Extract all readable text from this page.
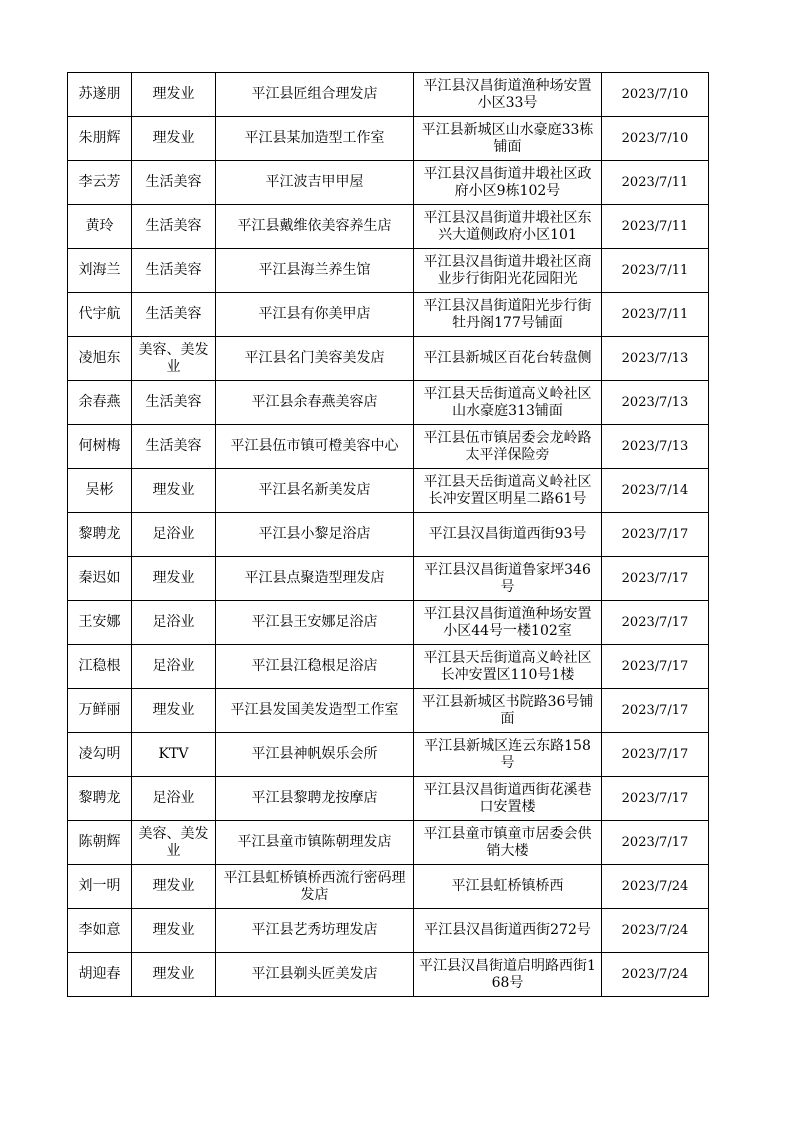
苏遂朋	理发业	平江县匠组合理发店	平江县汉昌街道渔种场安置小区33号	2023/7/10
朱朋辉	理发业	平江县某加造型工作室	平江县新城区山水豪庭33栋铺面	2023/7/10
李云芳	生活美容	平江波吉甲甲屋	平江县汉昌街道井塅社区政府小区9栋102号	2023/7/11
黄玲	生活美容	平江县戴维依美容养生店	平江县汉昌街道井塅社区东兴大道侧政府小区101	2023/7/11
刘海兰	生活美容	平江县海兰养生馆	平江县汉昌街道井塅社区商业步行街阳光花园阳光	2023/7/11
代宇航	生活美容	平江县有你美甲店	平江县汉昌街道阳光步行街牡丹阁177号铺面	2023/7/11
凌旭东	美容、美发业	平江县名门美容美发店	平江县新城区百花台转盘侧	2023/7/13
余春燕	生活美容	平江县余春燕美容店	平江县天岳街道高义岭社区山水豪庭313铺面	2023/7/13
何树梅	生活美容	平江县伍市镇可橙美容中心	平江县伍市镇居委会龙岭路太平洋保险旁	2023/7/13
吴彬	理发业	平江县名新美发店	平江县天岳街道高义岭社区长冲安置区明星二路61号	2023/7/14
黎聘龙	足浴业	平江县小黎足浴店	平江县汉昌街道西街93号	2023/7/17
秦迟如	理发业	平江县点聚造型理发店	平江县汉昌街道鲁家坪346号	2023/7/17
王安娜	足浴业	平江县王安娜足浴店	平江县汉昌街道渔种场安置小区44号一楼102室	2023/7/17
江稳根	足浴业	平江县江稳根足浴店	平江县天岳街道高义岭社区长冲安置区110号1楼	2023/7/17
万鲜丽	理发业	平江县发国美发造型工作室	平江县新城区书院路36号铺面	2023/7/17
凌勾明	KTV	平江县神帆娱乐会所	平江县新城区连云东路158号	2023/7/17
黎聘龙	足浴业	平江县黎聘龙按摩店	平江县汉昌街道西街花溪巷口安置楼	2023/7/17
陈朝辉	美容、美发业	平江县童市镇陈朝理发店	平江县童市镇童市居委会供销大楼	2023/7/17
刘一明	理发业	平江县虹桥镇桥西流行密码理发店	平江县虹桥镇桥西	2023/7/24
李如意	理发业	平江县艺秀坊理发店	平江县汉昌街道西街272号	2023/7/24
胡迎春	理发业	平江县剃头匠美发店	平江县汉昌街道启明路西街168号	2023/7/24
